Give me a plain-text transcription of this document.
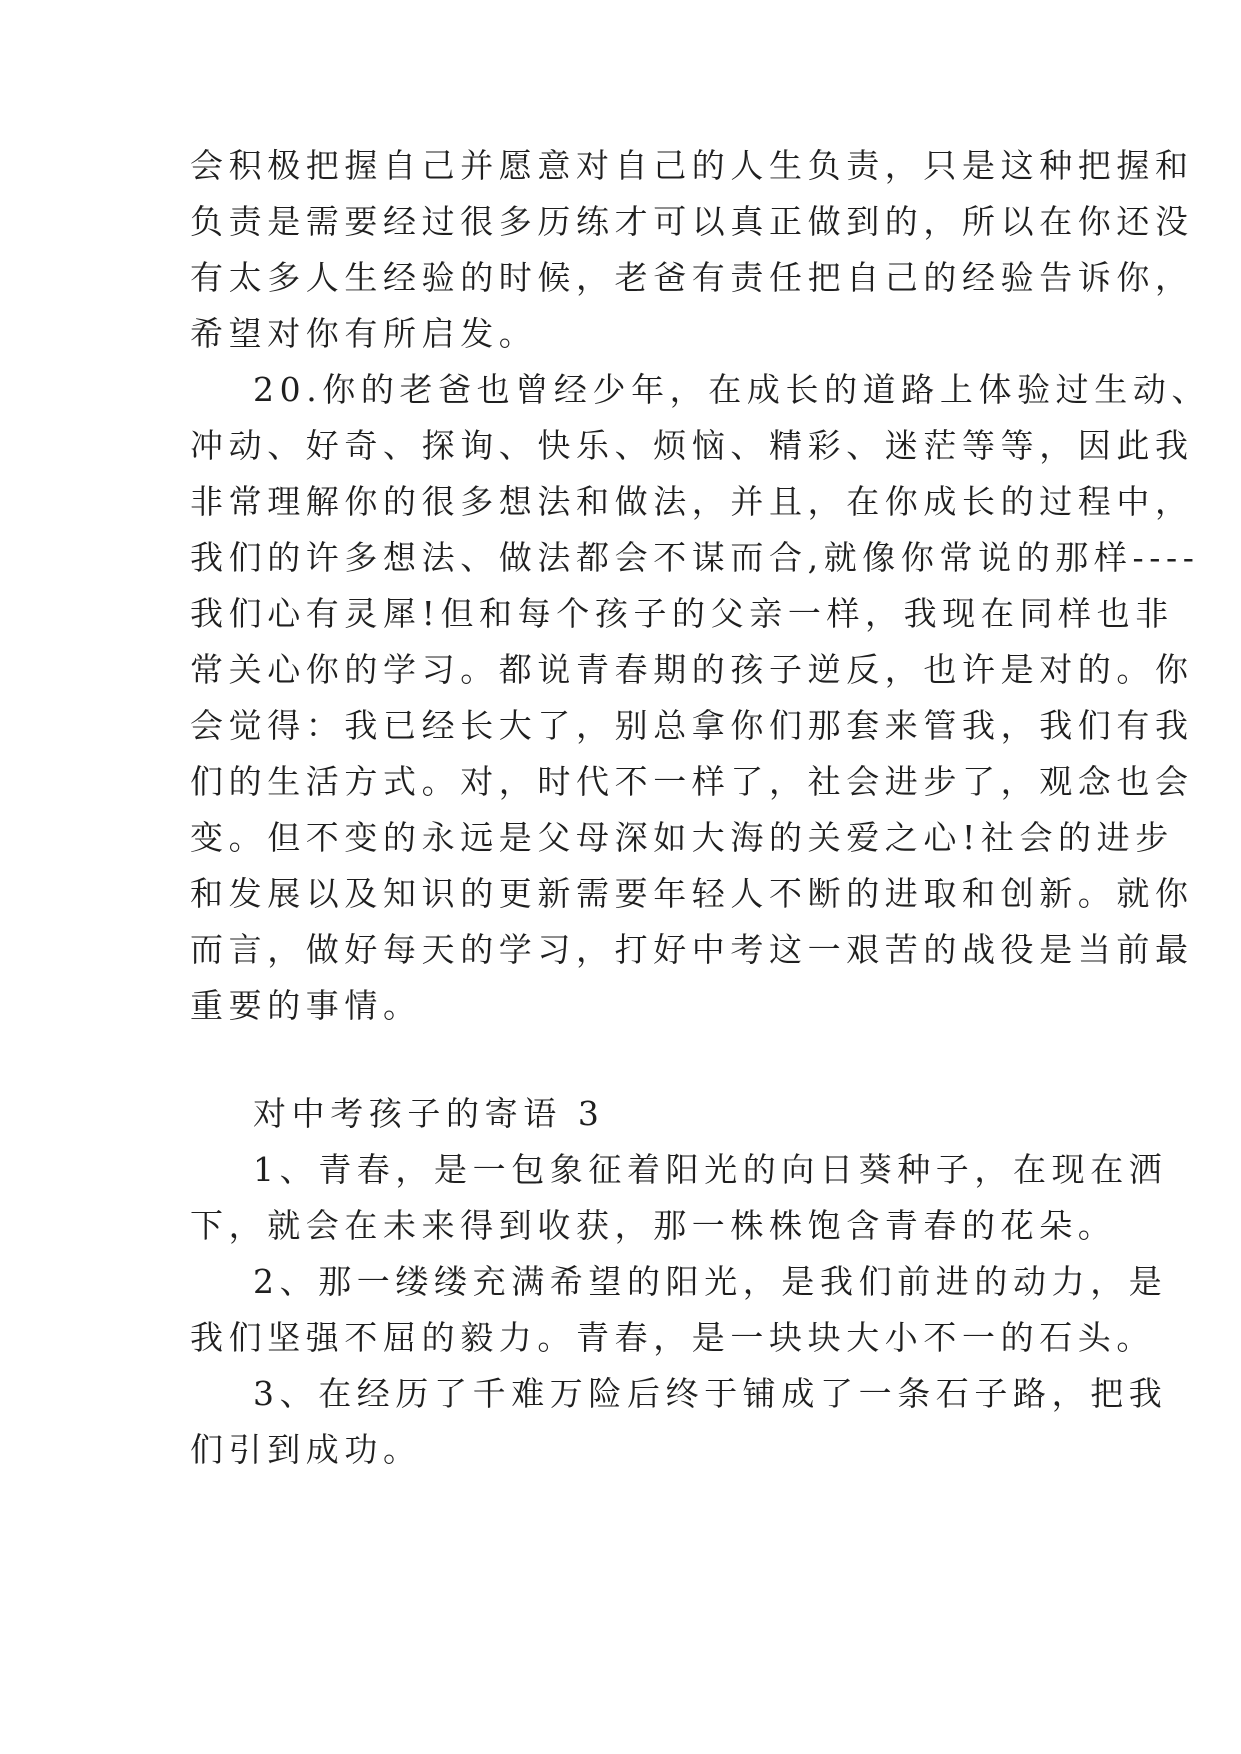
会积极把握自己并愿意对自己的人生负责，只是这种把握和
负责是需要经过很多历练才可以真正做到的，所以在你还没
有太多人生经验的时候，老爸有责任把自己的经验告诉你，
希望对你有所启发。
20.你的老爸也曾经少年，在成长的道路上体验过生动、
冲动、好奇、探询、快乐、烦恼、精彩、迷茫等等，因此我
非常理解你的很多想法和做法，并且，在你成长的过程中，
我们的许多想法、做法都会不谋而合,就像你常说的那样----
我们心有灵犀!但和每个孩子的父亲一样，我现在同样也非
常关心你的学习。都说青春期的孩子逆反，也许是对的。你
会觉得：我已经长大了，别总拿你们那套来管我，我们有我
们的生活方式。对，时代不一样了，社会进步了，观念也会
变。但不变的永远是父母深如大海的关爱之心!社会的进步
和发展以及知识的更新需要年轻人不断的进取和创新。就你
而言，做好每天的学习，打好中考这一艰苦的战役是当前最
重要的事情。
对中考孩子的寄语 3
1、青春，是一包象征着阳光的向日葵种子，在现在洒
下，就会在未来得到收获，那一株株饱含青春的花朵。
2、那一缕缕充满希望的阳光，是我们前进的动力，是
我们坚强不屈的毅力。青春，是一块块大小不一的石头。
3、在经历了千难万险后终于铺成了一条石子路，把我
们引到成功。
